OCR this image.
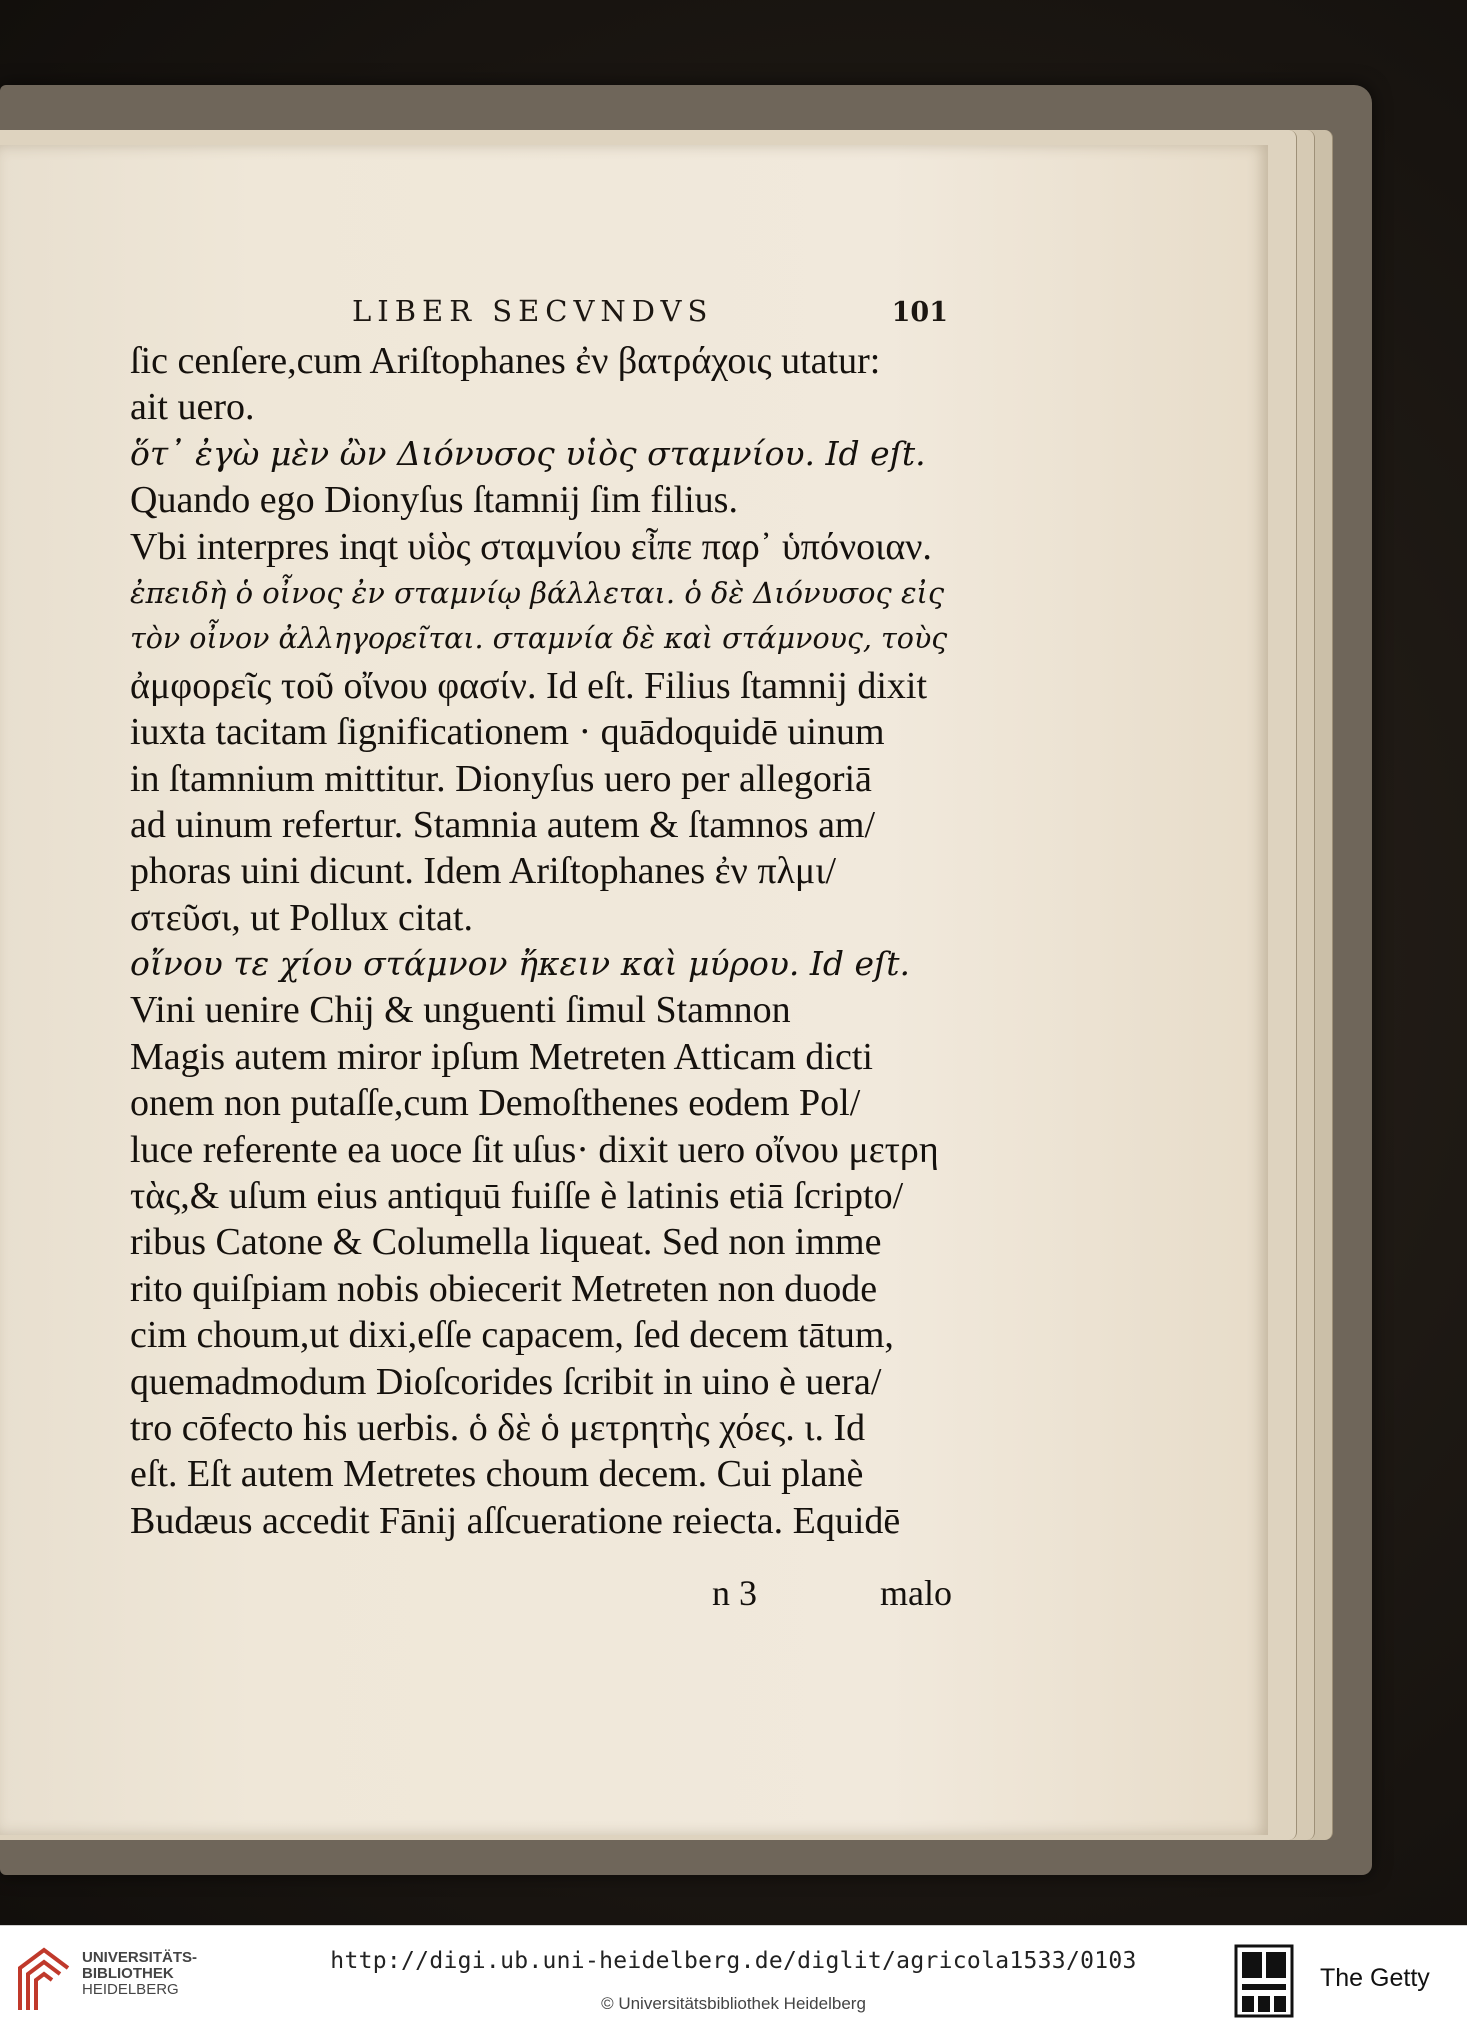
LIBER SECVNDVS	101
ſic cenſere,cum Ariſtophanes ἐν βατράχοις utatur:
ait uero.
ὅτ᾽ ἐγὼ μὲν ὢν Διόνυσος υἱὸς σταμνίου. Id eſt.
Quando ego Dionyſus ſtamnij ſim filius.
Vbi interpres inqt υἱὸς σταμνίου εἶπε παρ᾽ ὑπόνοιαν.
ἐπειδὴ ὁ οἶνος ἐν σταμνίῳ βάλλεται. ὁ δὲ Διόνυσος εἰς
τὸν οἶνον ἀλληγορεῖται. σταμνία δὲ καὶ στάμνους, τοὺς
ἀμφορεῖς τοῦ οἴνου φασίν. Id eſt. Filius ſtamnij dixit
iuxta tacitam ſignificationem · quādoquidē uinum
in ſtamnium mittitur. Dionyſus uero per allegoriā
ad uinum refertur. Stamnia autem & ſtamnos am/
phoras uini dicunt. Idem Ariſtophanes ἐν πλμι/
στεῦσι, ut Pollux citat.
οἴνου τε χίου στάμνον ἤκειν καὶ μύρου. Id eſt.
Vini uenire Chij & unguenti ſimul Stamnon
Magis autem miror ipſum Metreten Atticam dicti
onem non putaſſe,cum Demoſthenes eodem Pol/
luce referente ea uoce ſit uſus· dixit uero οἴνου μετρη
τὰς,& uſum eius antiquū fuiſſe è latinis etiā ſcripto/
ribus Catone & Columella liqueat. Sed non imme
rito quiſpiam nobis obiecerit Metreten non duode
cim choum,ut dixi,eſſe capacem, ſed decem tātum,
quemadmodum Dioſcorides ſcribit in uino è uera/
tro cōfecto his uerbis. ὁ δὲ ὁ μετρητὴς χόες. ι. Id
eſt. Eſt autem Metretes choum decem. Cui planè
Budæus accedit Fānij aſſcueratione reiecta. Equidē
n 3	malo
UNIVERSITÄTS-
BIBLIOTHEK
HEIDELBERG
http://digi.ub.uni-heidelberg.de/diglit/agricola1533/0103
© Universitätsbibliothek Heidelberg
The Getty
